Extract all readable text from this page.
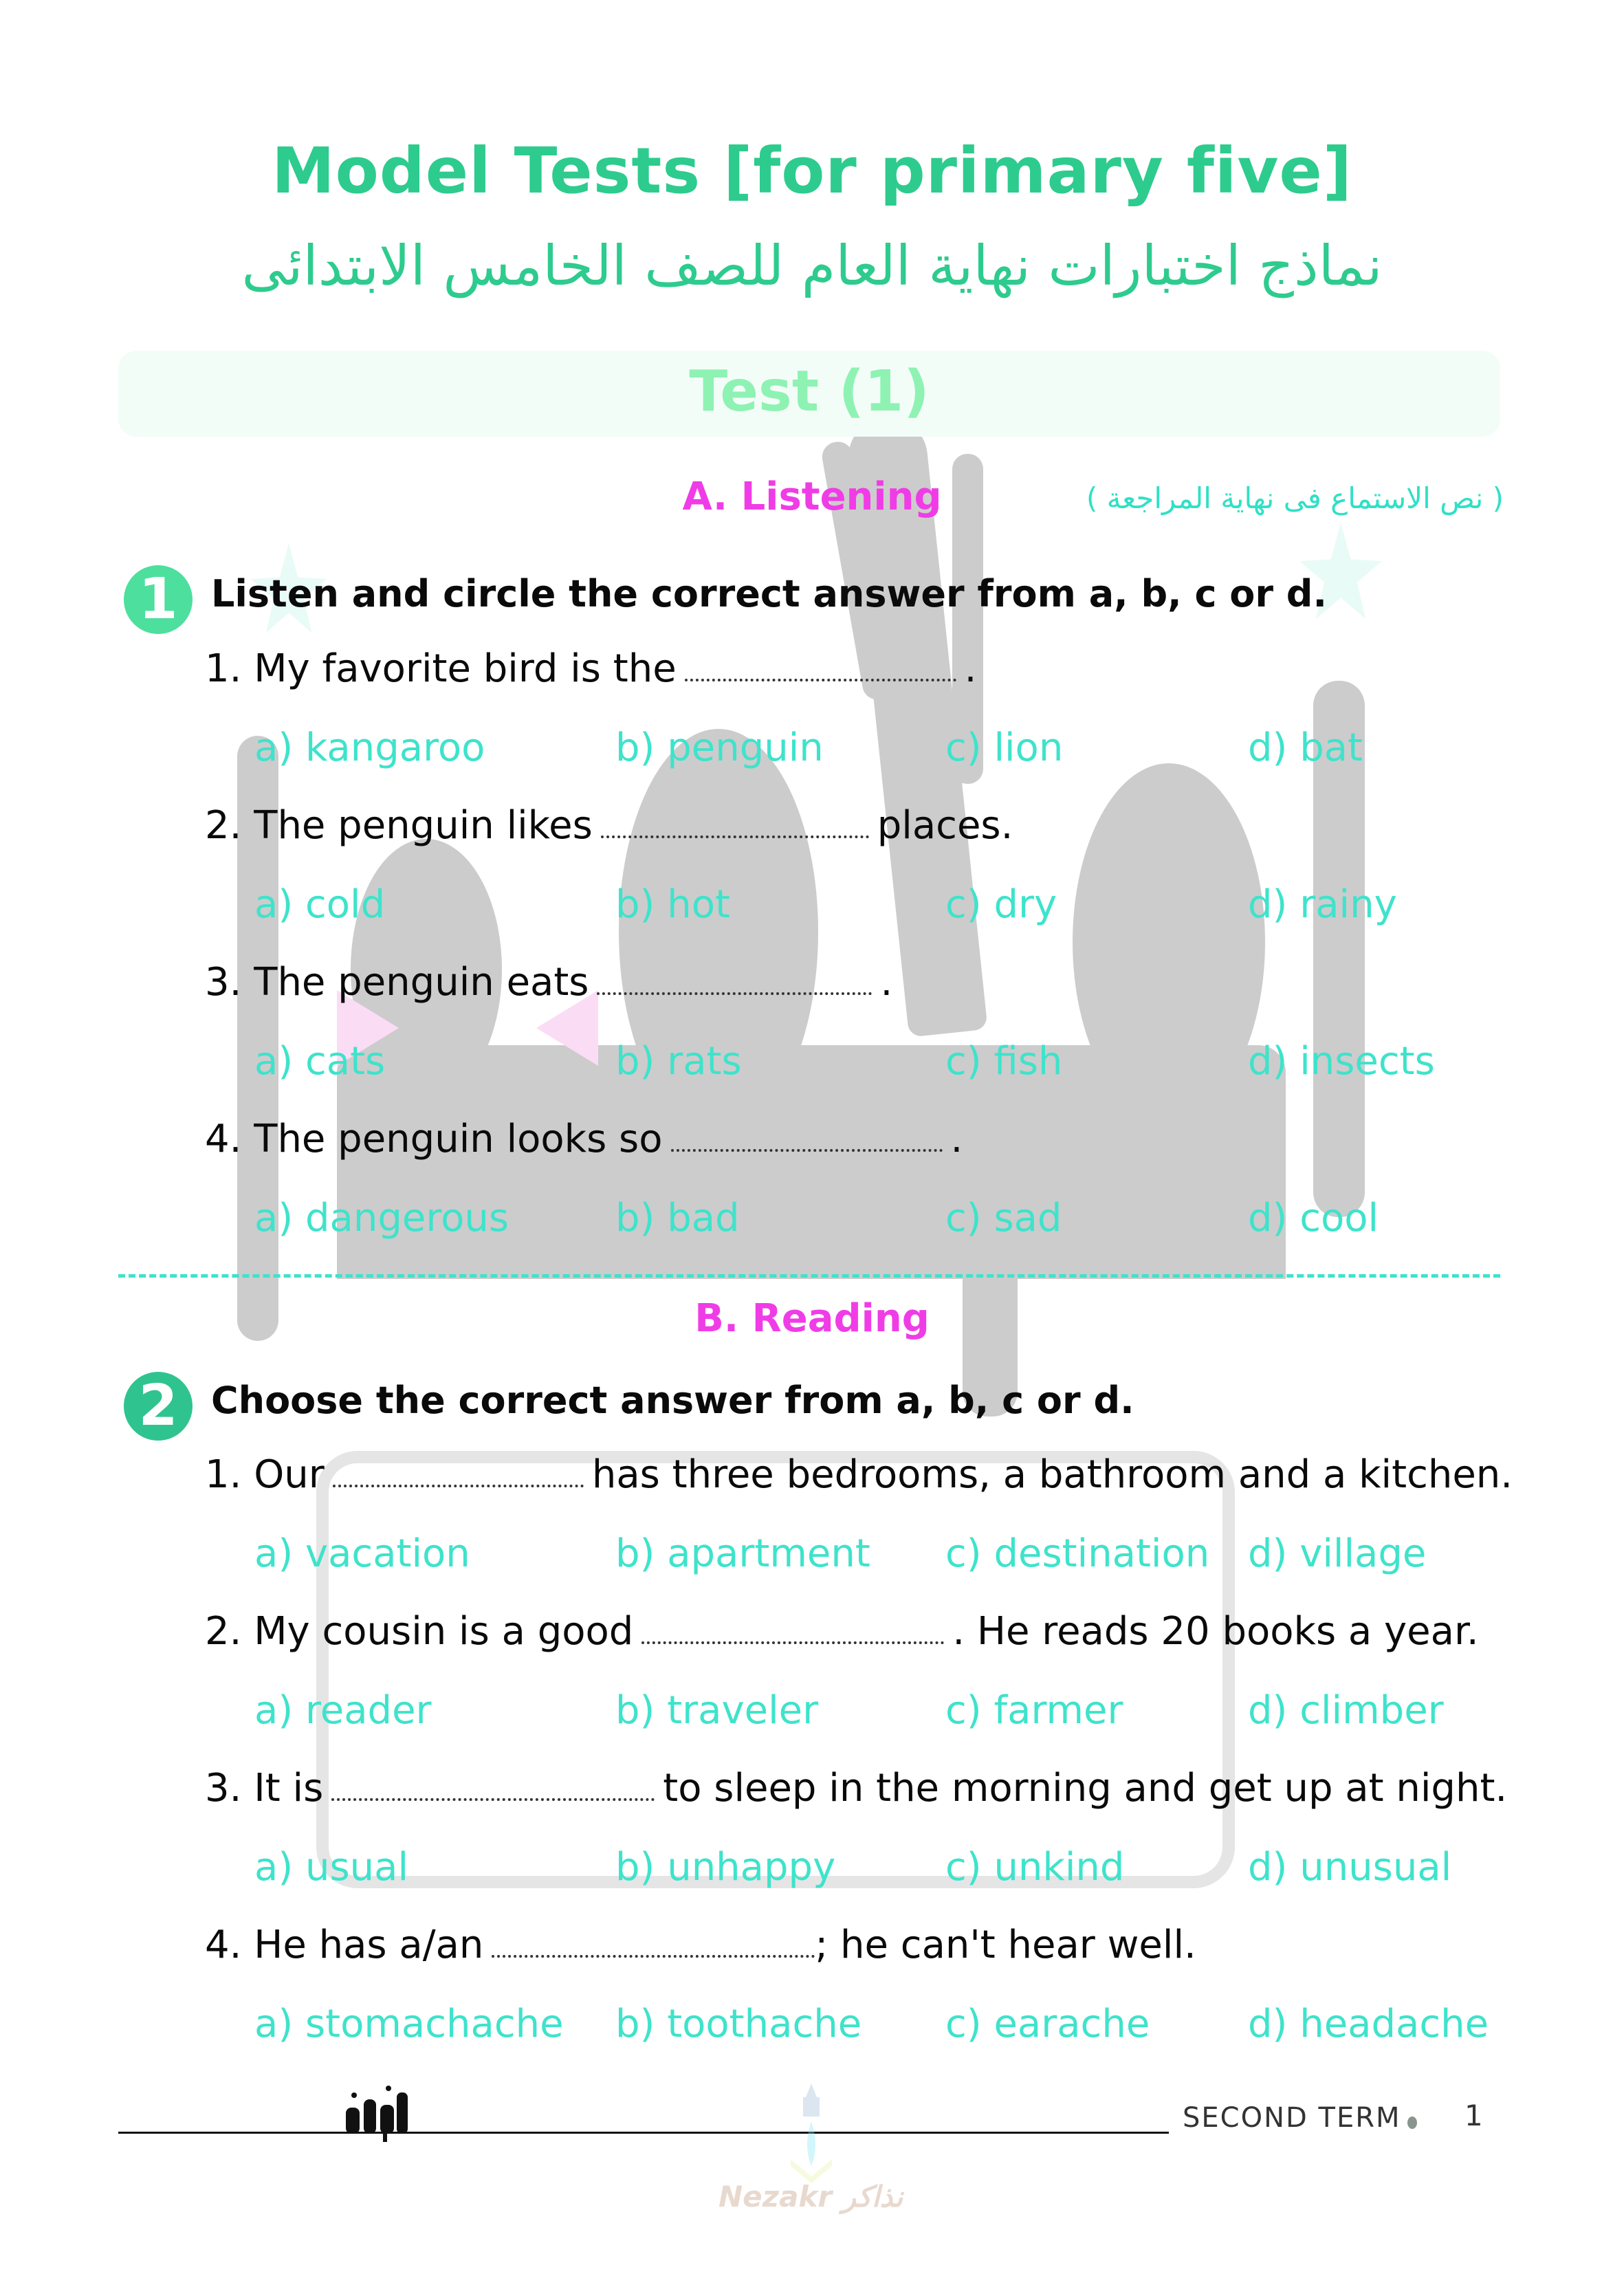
Model Tests [for primary five]
نماذج اختبارات نهاية العام للصف الخامس الابتدائى
Test (1)
A. Listening	( نص الاستماع فى نهاية المراجعة )
1 Listen and circle the correct answer from a, b, c or d.
1. My favorite bird is the	.
a) kangaroo	b) penguin	c) lion	d) bat
2. The penguin likes	places.
a) cold	b) hot	c) dry	d) rainy
3. The penguin eats	.
a) cats	b) rats	c) fish	d) insects
4. The penguin looks so	.
a) dangerous	b) bad	c) sad	d) cool
B. Reading
2 Choose the correct answer from a, b, c or d.
1. Our	has three bedrooms, a bathroom and a kitchen.
a) vacation	b) apartment c) destination d) village
2. My cousin is a good	. He reads 20 books a year.
a) reader	b) traveler	c) farmer	d) climber
3. It is	to sleep in the morning and get up at night.
a) usual	b) unhappy	c) unkind	d) unusual
4. He has a/an	; he can't hear well.
a) stomachache b) toothache c) earache	d) headache
Nezakr نذاكر
SECOND TERM 1
